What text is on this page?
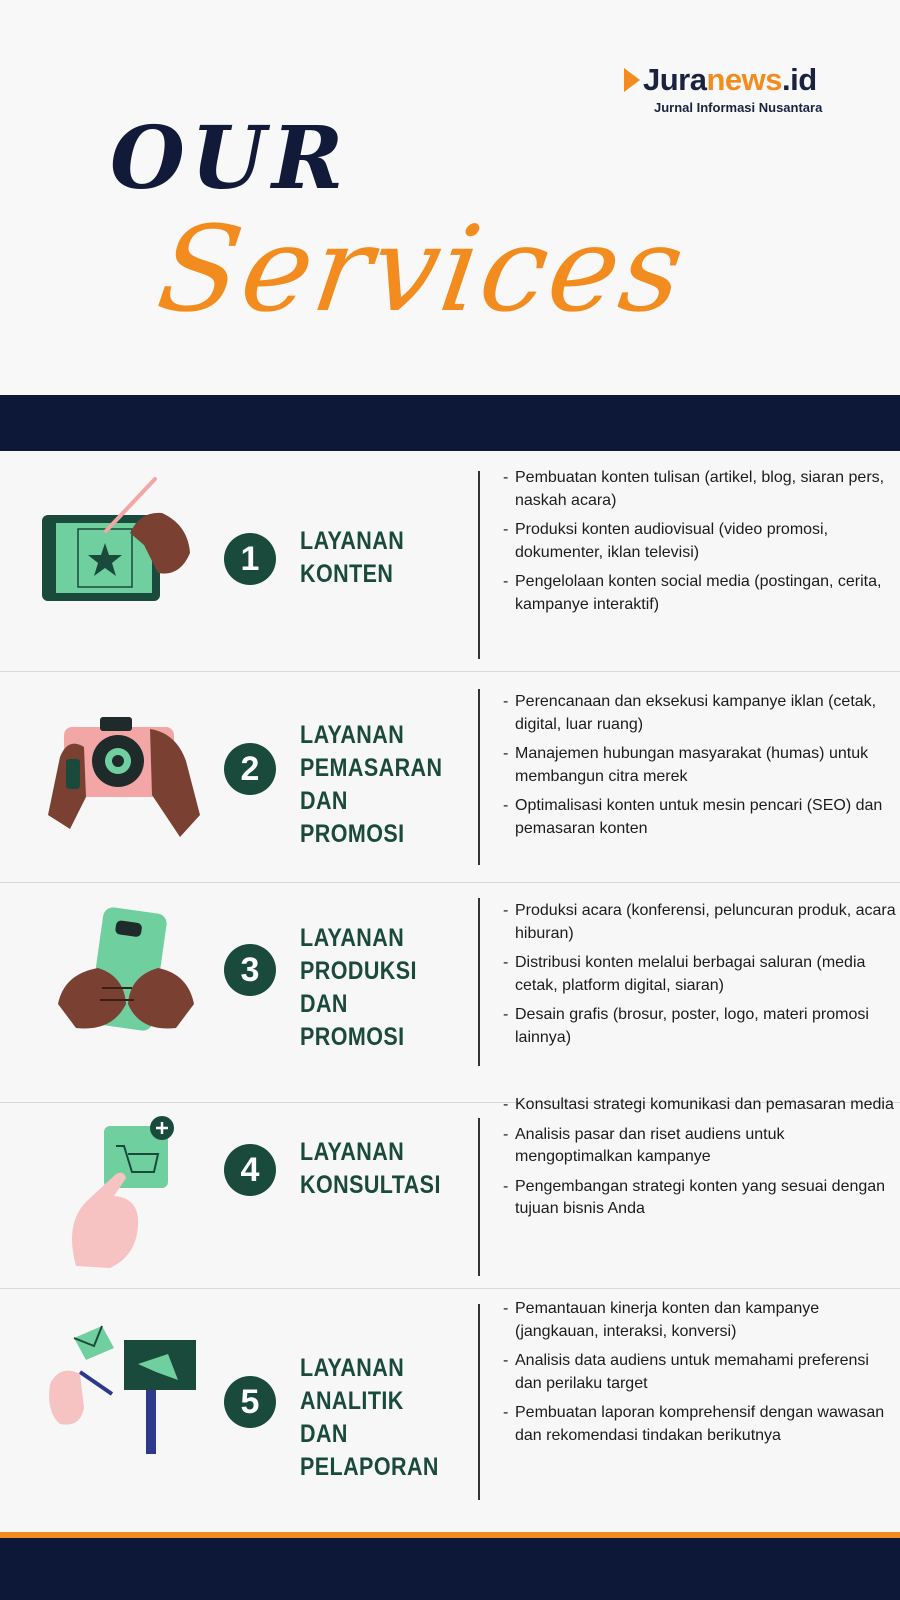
Juranews.id
Jurnal Informasi Nusantara
OUR
Services
1	LAYANAN
KONTEN
- Pembuatan konten tulisan (artikel, blog, siaran pers, naskah acara)
- Produksi konten audiovisual (video promosi, dokumenter, iklan televisi)
- Pengelolaan konten social media (postingan, cerita, kampanye interaktif)
2
LAYANAN
PEMASARAN
DAN PROMOSI
- Perencanaan dan eksekusi kampanye iklan (cetak, digital, luar ruang)
- Manajemen hubungan masyarakat (humas) untuk membangun citra merek
- Optimalisasi konten untuk mesin pencari (SEO) dan pemasaran konten
3
LAYANAN
PRODUKSI
DAN PROMOSI
- Produksi acara (konferensi, peluncuran produk, acara hiburan)
- Distribusi konten melalui berbagai saluran (media cetak, platform digital, siaran)
- Desain grafis (brosur, poster, logo, materi promosi lainnya)
4	LAYANAN
KONSULTASI
- Konsultasi strategi komunikasi dan pemasaran media
- Analisis pasar dan riset audiens untuk mengoptimalkan kampanye
- Pengembangan strategi konten yang sesuai dengan tujuan bisnis Anda
5
LAYANAN
ANALITIK DAN
PELAPORAN
- Pemantauan kinerja konten dan kampanye (jangkauan, interaksi, konversi)
- Analisis data audiens untuk memahami preferensi dan perilaku target
- Pembuatan laporan komprehensif dengan wawasan dan rekomendasi tindakan berikutnya
